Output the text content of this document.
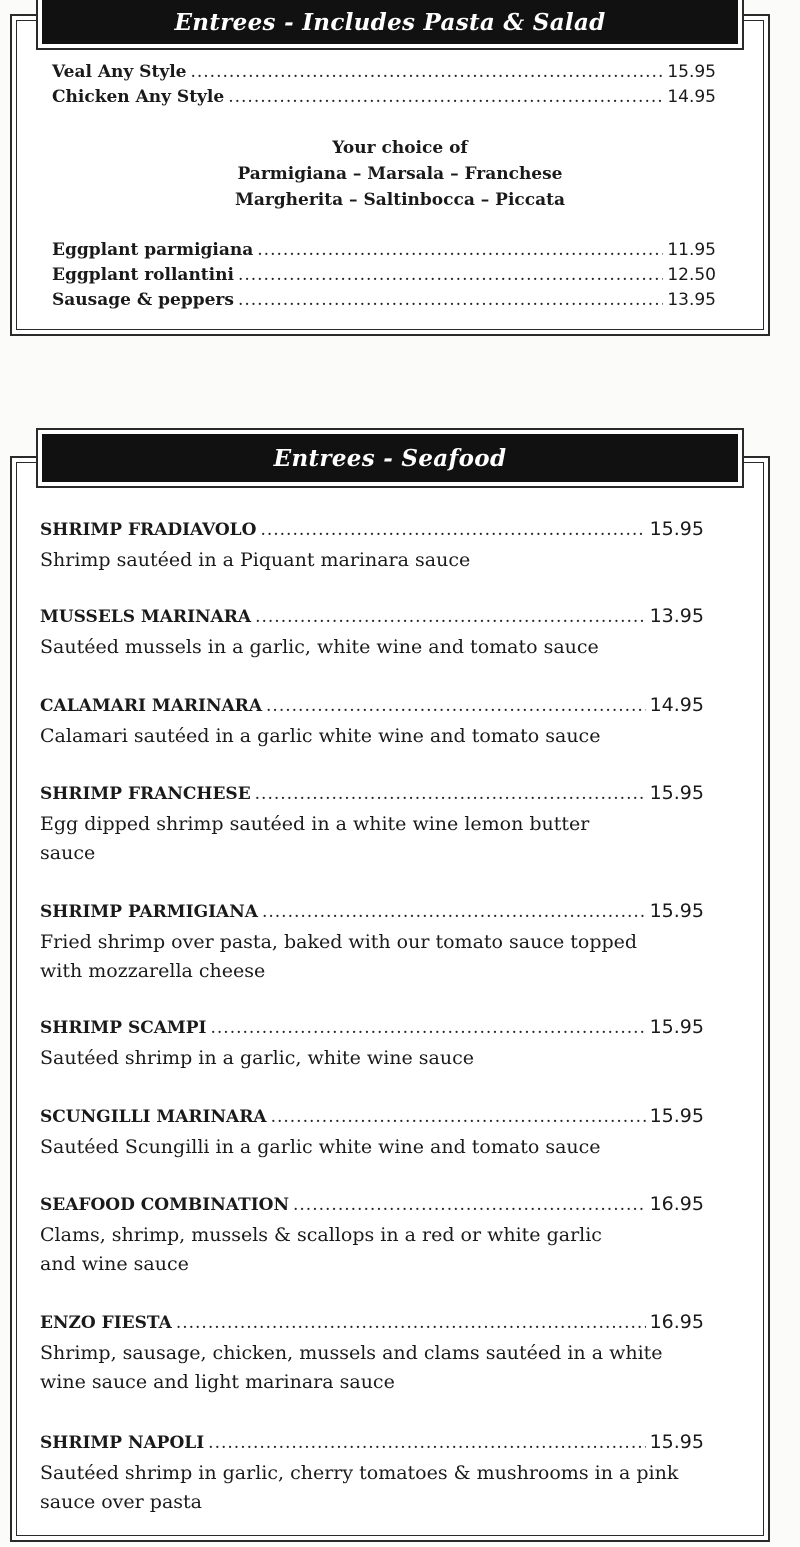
Entrees - Includes Pasta & Salad
Veal Any Style .....	15.95
Chicken Any Style .....	14.95
Your choice of
Parmigiana – Marsala – Franchese
Margherita – Saltinbocca – Piccata
Eggplant parmigiana .....	11.95
Eggplant rollantini .....	12.50
Sausage & peppers .....	13.95
Entrees - Seafood
SHRIMP FRADIAVOLO .....	15.95
Shrimp sautéed in a Piquant marinara sauce
MUSSELS MARINARA .....	13.95
Sautéed mussels in a garlic, white wine and tomato sauce
CALAMARI MARINARA .....	14.95
Calamari sautéed in a garlic white wine and tomato sauce
SHRIMP FRANCHESE .....	15.95
Egg dipped shrimp sautéed in a white wine lemon butter sauce
SHRIMP PARMIGIANA .....	15.95
Fried shrimp over pasta, baked with our tomato sauce topped with mozzarella cheese
SHRIMP SCAMPI .....	15.95
Sautéed shrimp in a garlic, white wine sauce
SCUNGILLI MARINARA .....	15.95
Sautéed Scungilli in a garlic white wine and tomato sauce
SEAFOOD COMBINATION .....	16.95
Clams, shrimp, mussels & scallops in a red or white garlic and wine sauce
ENZO FIESTA .....	16.95
Shrimp, sausage, chicken, mussels and clams sautéed in a white wine sauce and light marinara sauce
SHRIMP NAPOLI .....	15.95
Sautéed shrimp in garlic, cherry tomatoes & mushrooms in a pink sauce over pasta
